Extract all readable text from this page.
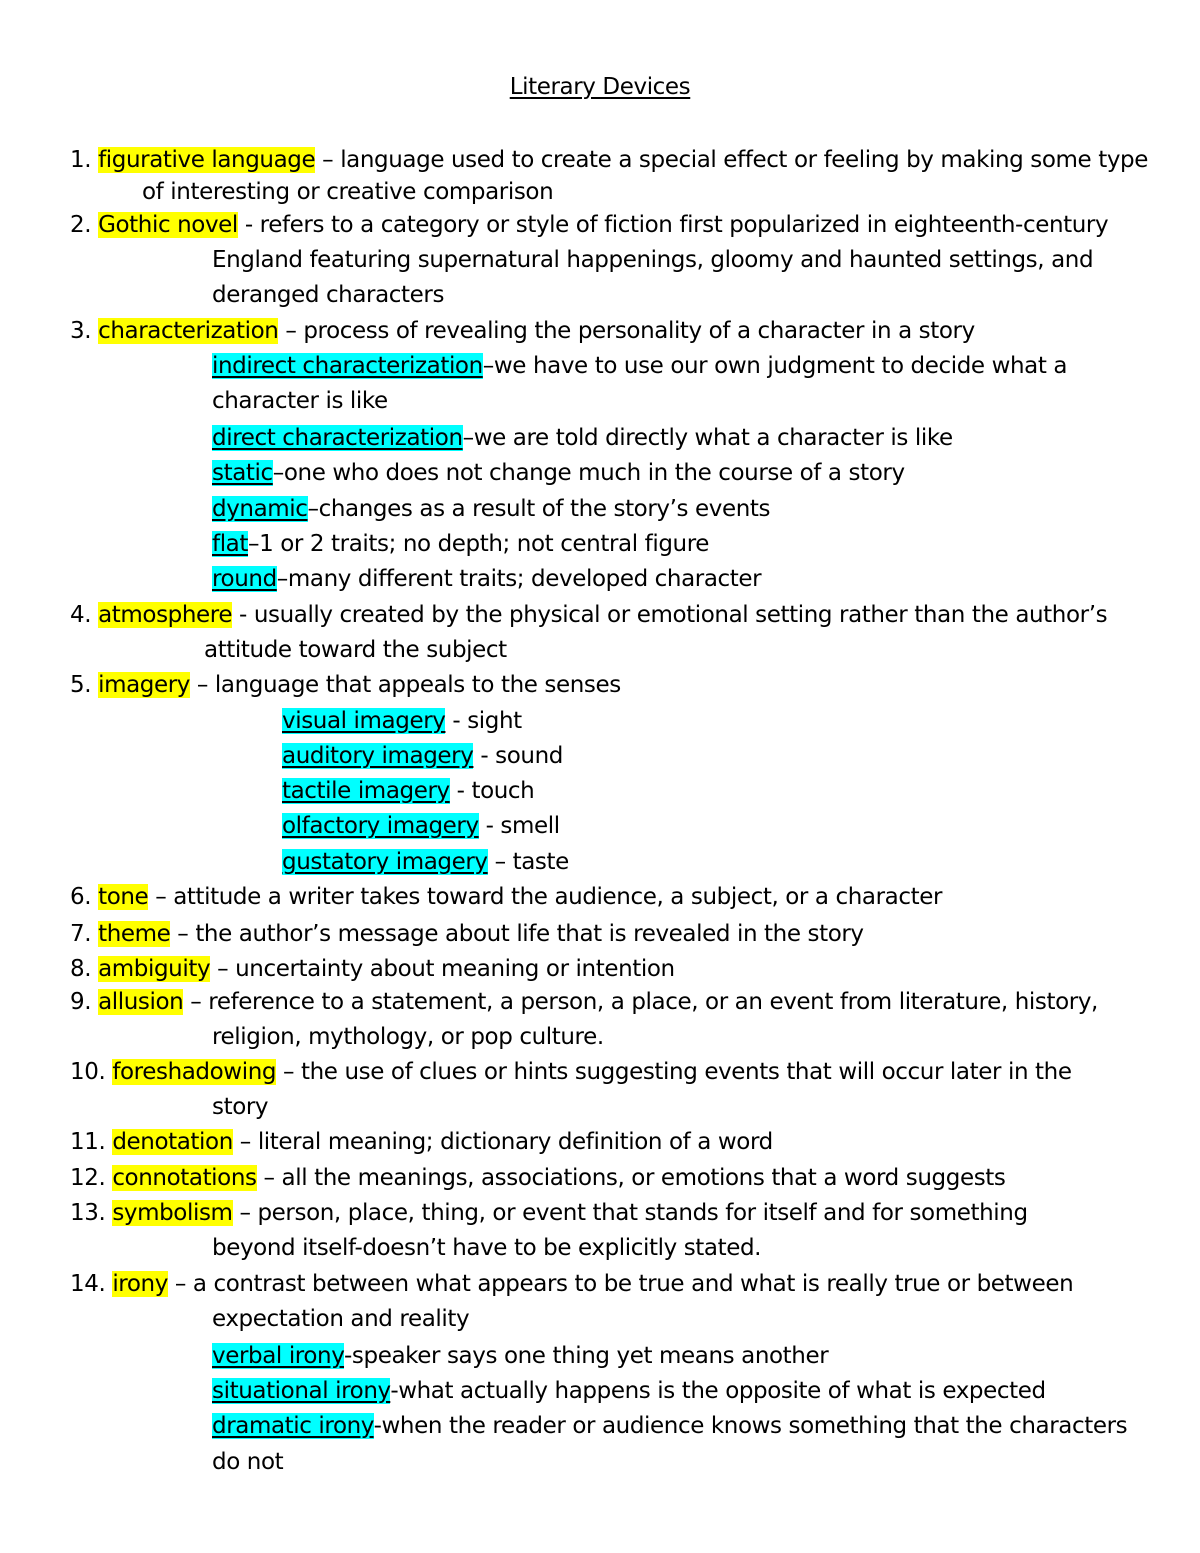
Literary Devices
1. figurative language – language used to create a special effect or feeling by making some type
of interesting or creative comparison
2. Gothic novel - refers to a category or style of fiction first popularized in eighteenth-century
England featuring supernatural happenings, gloomy and haunted settings, and
deranged characters
3. characterization – process of revealing the personality of a character in a story
indirect characterization–we have to use our own judgment to decide what a
character is like
direct characterization–we are told directly what a character is like
static–one who does not change much in the course of a story
dynamic–changes as a result of the story’s events
flat–1 or 2 traits; no depth; not central figure
round–many different traits; developed character
4. atmosphere - usually created by the physical or emotional setting rather than the author’s
attitude toward the subject
5. imagery – language that appeals to the senses
visual imagery - sight
auditory imagery - sound
tactile imagery - touch
olfactory imagery - smell
gustatory imagery – taste
6. tone – attitude a writer takes toward the audience, a subject, or a character
7. theme – the author’s message about life that is revealed in the story
8. ambiguity – uncertainty about meaning or intention
9. allusion – reference to a statement, a person, a place, or an event from literature, history,
religion, mythology, or pop culture.
10. foreshadowing – the use of clues or hints suggesting events that will occur later in the
story
11. denotation – literal meaning; dictionary definition of a word
12. connotations – all the meanings, associations, or emotions that a word suggests
13. symbolism – person, place, thing, or event that stands for itself and for something
beyond itself-doesn’t have to be explicitly stated.
14. irony – a contrast between what appears to be true and what is really true or between
expectation and reality
verbal irony-speaker says one thing yet means another
situational irony-what actually happens is the opposite of what is expected
dramatic irony-when the reader or audience knows something that the characters
do not
